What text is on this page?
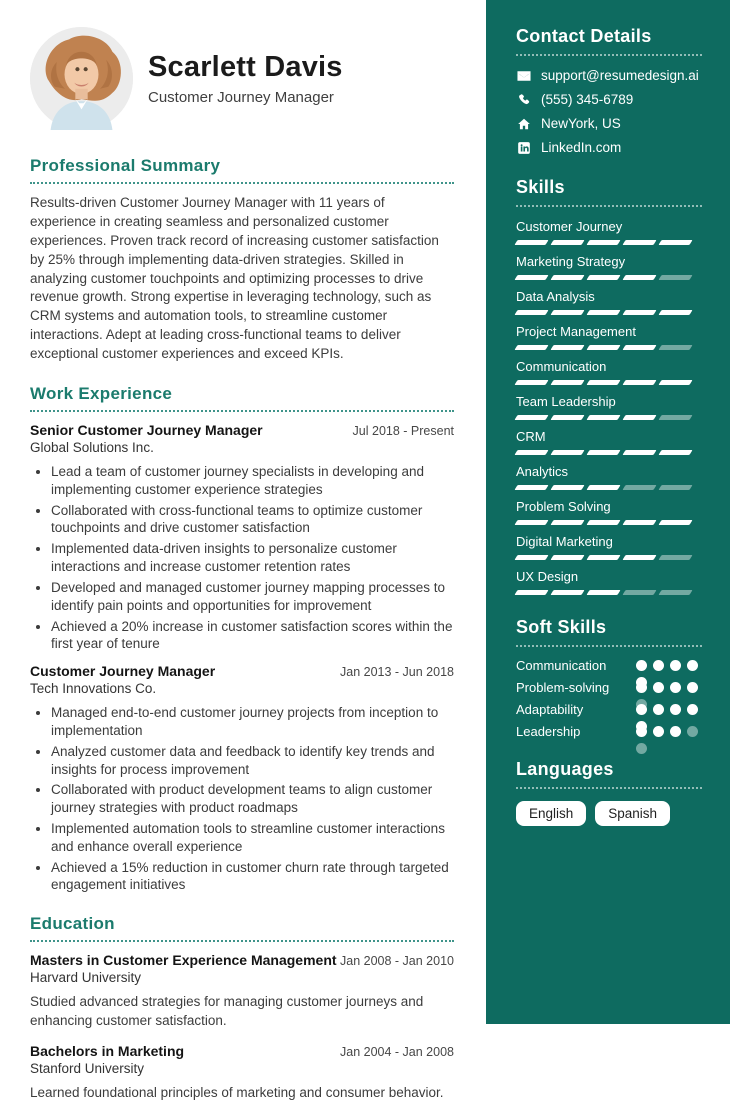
Scarlett Davis
Customer Journey Manager
Professional Summary

Results-driven Customer Journey Manager with 11 years of experience in creating seamless and personalized customer experiences. Proven track record of increasing customer satisfaction by 25% through implementing data-driven strategies. Skilled in analyzing customer touchpoints and optimizing processes to drive revenue growth. Strong expertise in leveraging technology, such as CRM systems and automation tools, to streamline customer interactions. Adept at leading cross-functional teams to deliver exceptional customer experiences and exceed KPIs.

Work Experience
Senior Customer Journey Manager	Jul 2018 - Present
Global Solutions Inc.
• Lead a team of customer journey specialists in developing and implementing customer experience strategies
• Collaborated with cross-functional teams to optimize customer touchpoints and drive customer satisfaction
• Implemented data-driven insights to personalize customer interactions and increase customer retention rates
• Developed and managed customer journey mapping processes to identify pain points and opportunities for improvement
• Achieved a 20% increase in customer satisfaction scores within the first year of tenure
Customer Journey Manager	Jan 2013 - Jun 2018
Tech Innovations Co.
• Managed end-to-end customer journey projects from inception to implementation
• Analyzed customer data and feedback to identify key trends and insights for process improvement
• Collaborated with product development teams to align customer journey strategies with product roadmaps
• Implemented automation tools to streamline customer interactions and enhance overall experience
• Achieved a 15% reduction in customer churn rate through targeted engagement initiatives
Education
Masters in Customer Experience Management Jan 2008 - Jan 2010
Harvard University
Studied advanced strategies for managing customer journeys and enhancing customer satisfaction.
Bachelors in Marketing	Jan 2004 - Jan 2008
Stanford University
Learned foundational principles of marketing and consumer behavior.
Contact Details
support@resumedesign.ai
(555) 345-6789
NewYork, US
LinkedIn.com
Skills
Customer Journey
Marketing Strategy
Data Analysis
Project Management
Communication
Team Leadership
CRM
Analytics
Problem Solving
Digital Marketing
UX Design
Soft Skills
Communication
Problem-solving
Adaptability
Leadership
Languages
English	Spanish
